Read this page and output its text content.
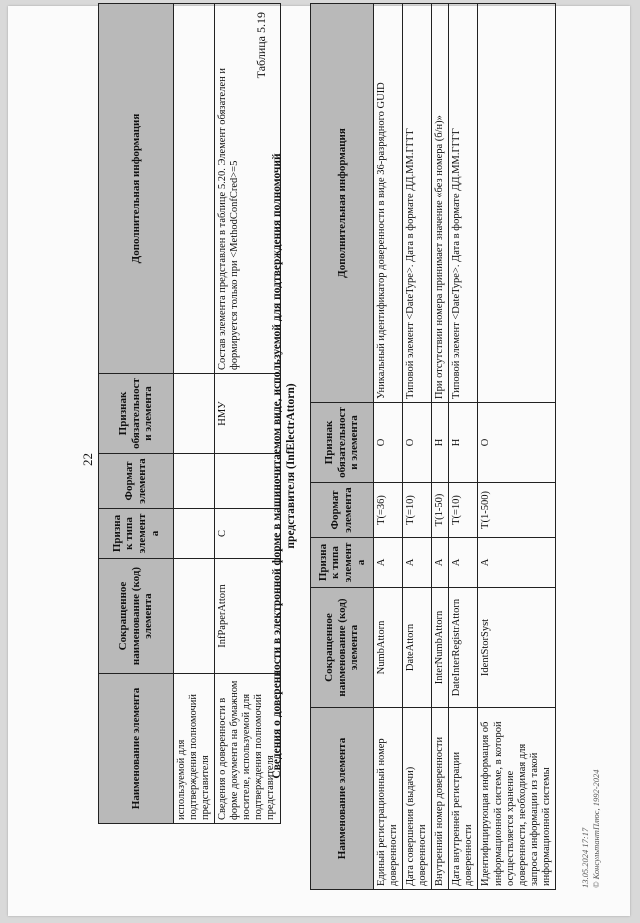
22
Наименование элемента	Сокращенное наименование (код) элемента	Признак типа элемента	Формат элемента	Признак обязательности элемента	Дополнительная информация
используемой для подтверждения полномочий представителя					
Сведения о доверенности в форме документа на бумажном носителе, используемой для подтверждения полномочий представителя	InfPaperAttorn	С		НМУ	Состав элемента представлен в таблице 5.20. Элемент обязателен и формируется только при <MethodConfCred>=5
Таблица 5.19
Сведения о доверенности в электронной форме в машиночитаемом виде, используемой для подтверждения полномочий представителя (InfElectrAttorn)
Наименование элемента	Сокращенное наименование (код) элемента	Признак типа элемента	Формат элемента	Признак обязательности элемента	Дополнительная информация
Единый регистрационный номер доверенности	NumbAttorn	А	T(=36)	О	Уникальный идентификатор доверенности в виде 36-разрядного GUID
Дата совершения (выдачи) доверенности	DateAttorn	А	T(=10)	О	Типовой элемент <DateType>. Дата в формате ДД.ММ.ГГГГ
Внутренний номер доверенности	InterNumbAttorn	А	T(1-50)	Н	При отсутствии номера принимает значение «без номера (б/н)»
Дата внутренней регистрации доверенности	DateInterRegistrAttorn	А	T(=10)	Н	Типовой элемент <DateType>. Дата в формате ДД.ММ.ГГГГ
Идентифицирующая информация об информационной системе, в которой осуществляется хранение доверенности, необходимая для запроса информации из такой информационной системы	IdentStorSyst	А	T(1-500)	О	
13.05.2024 17:17 © КонсультантПлюс, 1992-2024
